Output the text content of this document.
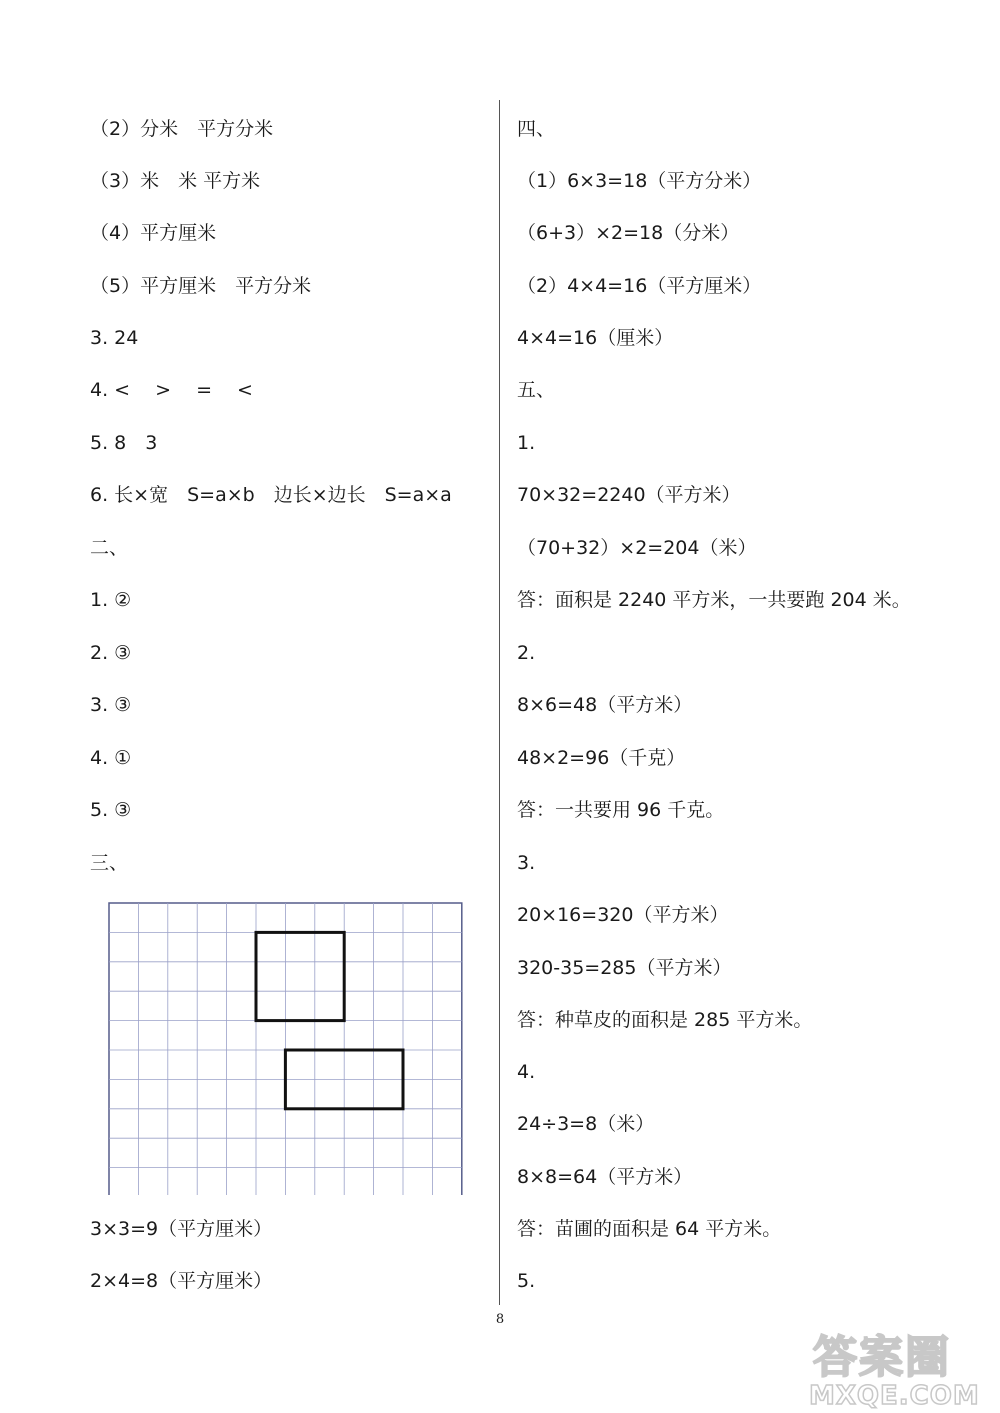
（2）分米　平方分米
（3）米　米 平方米
（4）平方厘米
（5）平方厘米　平方分米
3. 24
4. <　 >　 =　 <
5. 8　3
6. 长×宽　S=a×b　边长×边长　S=a×a
二、
1. ②
2. ③
3. ③
4. ①
5. ③
三、
3×3=9（平方厘米）
2×4=8（平方厘米）
四、
（1）6×3=18（平方分米）
（6+3）×2=18（分米）
（2）4×4=16（平方厘米）
4×4=16（厘米）
五、
1.
70×32=2240（平方米）
（70+32）×2=204（米）
答：面积是 2240 平方米，一共要跑 204 米。
2.
8×6=48（平方米）
48×2=96（千克）
答：一共要用 96 千克。
3.
20×16=320（平方米）
320-35=285（平方米）
答：种草皮的面积是 285 平方米。
4.
24÷3=8（米）
8×8=64（平方米）
答：苗圃的面积是 64 平方米。
5.
8
答案圈
MXQE.COM
